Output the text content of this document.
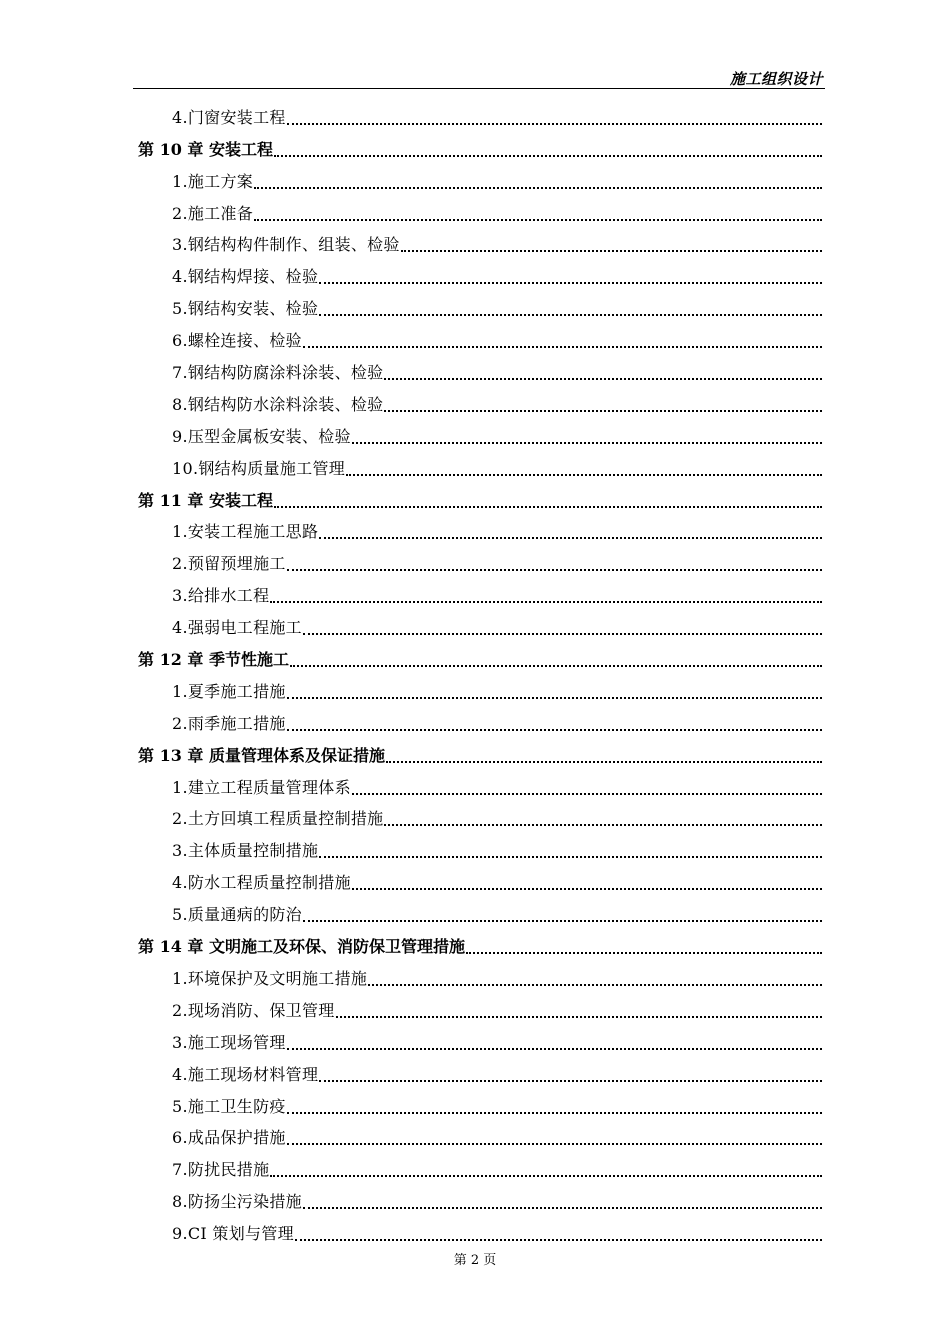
施工组织设计
4.门窗安装工程
第 10 章 安装工程
1.施工方案
2.施工准备
3.钢结构构件制作、组装、检验
4.钢结构焊接、检验
5.钢结构安装、检验
6.螺栓连接、检验
7.钢结构防腐涂料涂装、检验
8.钢结构防水涂料涂装、检验
9.压型金属板安装、检验
10.钢结构质量施工管理
第 11 章 安装工程
1.安装工程施工思路
2.预留预埋施工
3.给排水工程
4.强弱电工程施工
第 12 章 季节性施工
1.夏季施工措施
2.雨季施工措施
第 13 章 质量管理体系及保证措施
1.建立工程质量管理体系
2.土方回填工程质量控制措施
3.主体质量控制措施
4.防水工程质量控制措施
5.质量通病的防治
第 14 章 文明施工及环保、消防保卫管理措施
1.环境保护及文明施工措施
2.现场消防、保卫管理
3.施工现场管理
4.施工现场材料管理
5.施工卫生防疫
6.成品保护措施
7.防扰民措施
8.防扬尘污染措施
9.CI 策划与管理
第 2 页
